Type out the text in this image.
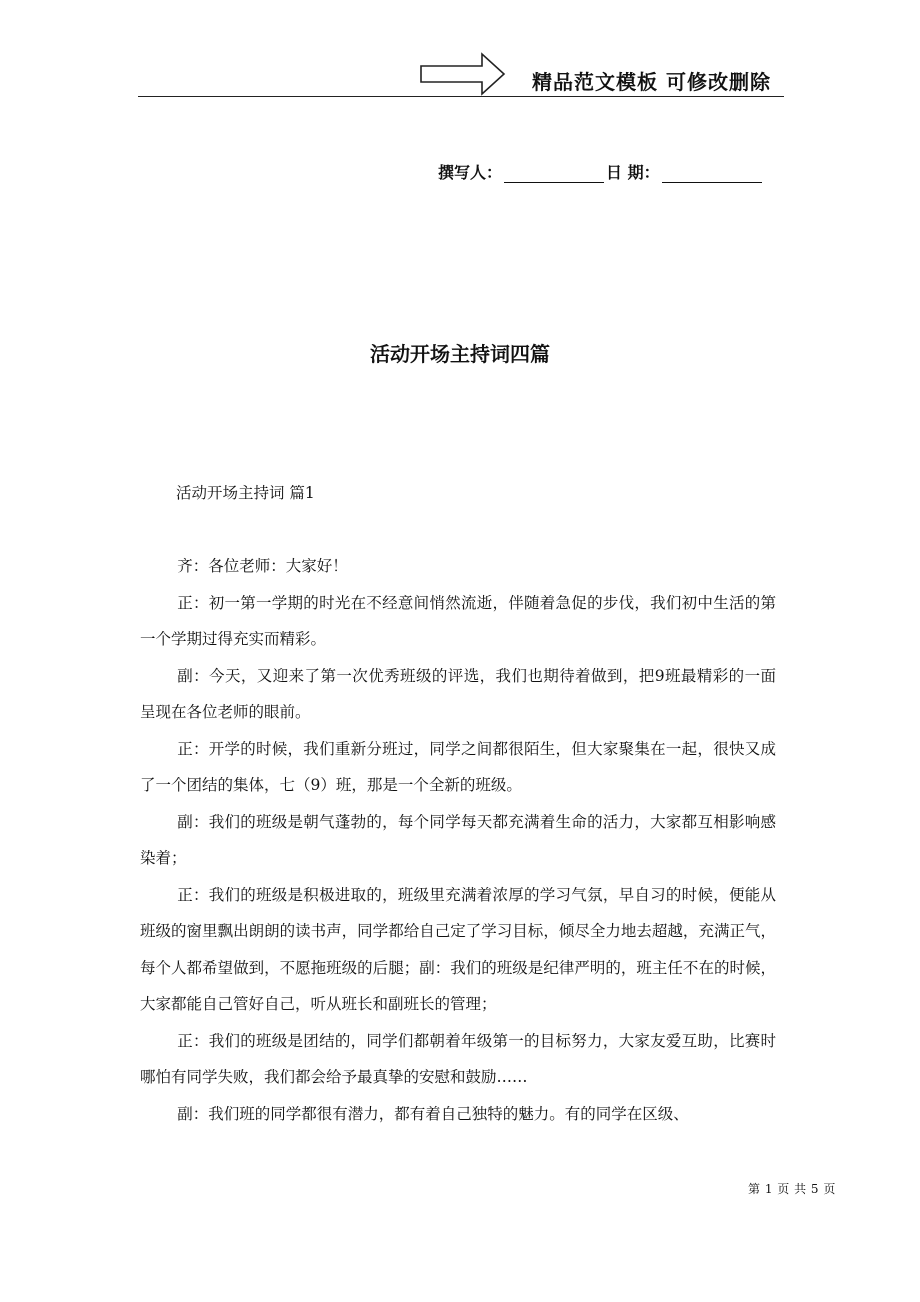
精品范文模板 可修改删除
撰写人：	日 期：
活动开场主持词四篇
活动开场主持词 篇1

齐：各位老师：大家好！

正：初一第一学期的时光在不经意间悄然流逝，伴随着急促的步伐，我们初中生活的第一个学期过得充实而精彩。

副：今天，又迎来了第一次优秀班级的评选，我们也期待着做到，把9班最精彩的一面呈现在各位老师的眼前。

正：开学的时候，我们重新分班过，同学之间都很陌生，但大家聚集在一起，很快又成了一个团结的集体，七（9）班，那是一个全新的班级。

副：我们的班级是朝气蓬勃的，每个同学每天都充满着生命的活力，大家都互相影响感染着；

正：我们的班级是积极进取的，班级里充满着浓厚的学习气氛，早自习的时候，便能从班级的窗里飘出朗朗的读书声，同学都给自己定了学习目标，倾尽全力地去超越，充满正气，每个人都希望做到，不愿拖班级的后腿；副：我们的班级是纪律严明的，班主任不在的时候，大家都能自己管好自己，听从班长和副班长的管理；

正：我们的班级是团结的，同学们都朝着年级第一的目标努力，大家友爱互助，比赛时哪怕有同学失败，我们都会给予最真挚的安慰和鼓励……

副：我们班的同学都很有潜力，都有着自己独特的魅力。有的同学在区级、

第 1 页 共 5 页
